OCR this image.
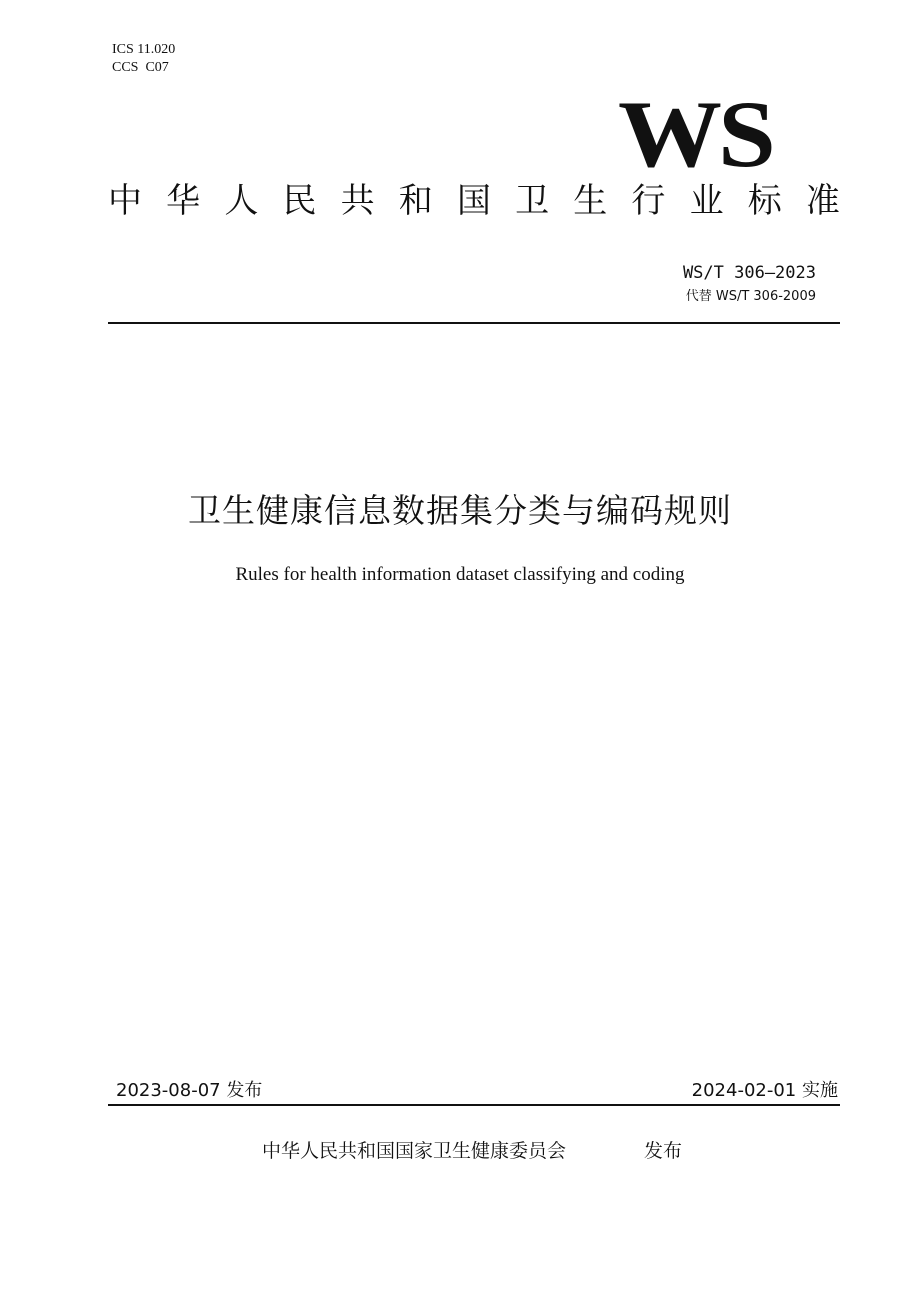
ICS 11.020
CCS  C07
WS
中 华 人 民 共 和 国 卫 生 行 业 标 准
WS/T 306—2023
代替 WS/T 306-2009
卫生健康信息数据集分类与编码规则
Rules for health information dataset classifying and coding
2023-08-07 发布	2024-02-01 实施
中华人民共和国国家卫生健康委员会	发布
